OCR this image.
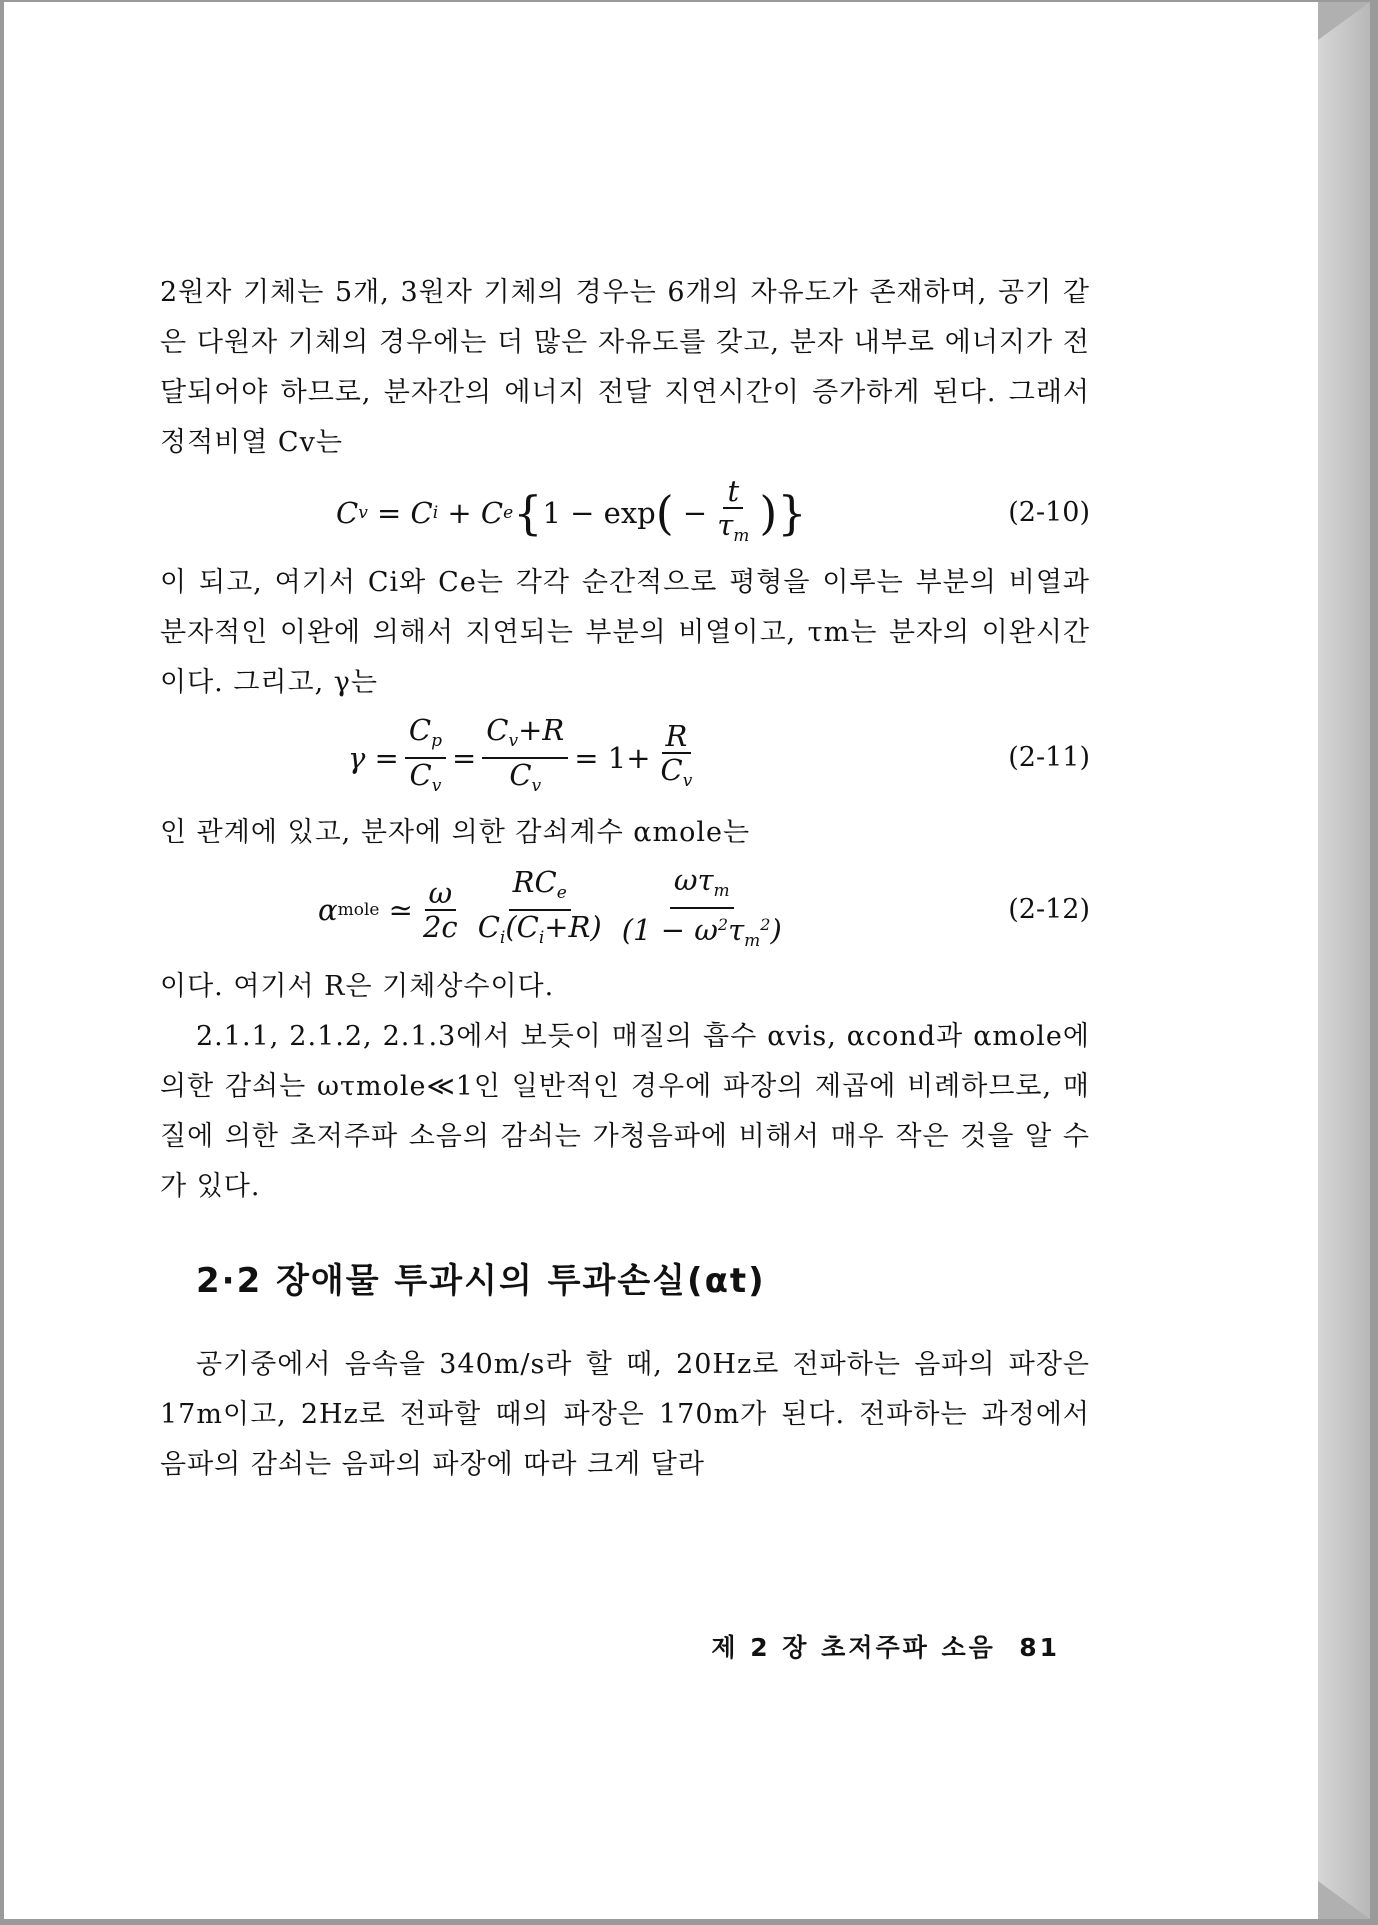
2원자 기체는 5개, 3원자 기체의 경우는 6개의 자유도가 존재하며, 공기 같은 다원자 기체의 경우에는 더 많은 자유도를 갖고, 분자 내부로 에너지가 전달되어야 하므로, 분자간의 에너지 전달 지연시간이 증가하게 된다. 그래서 정적비열 Cv는

C v = C i + C e { 1 − exp ( − $\frac{t}{\tau_m}$ )}	(2-10)

이 되고, 여기서 Ci와 Ce는 각각 순간적으로 평형을 이루는 부분의 비열과 분자적인 이완에 의해서 지연되는 부분의 비열이고, τm는 분자의 이완시간이다. 그리고, γ는

$\gamma = \frac{C_p}{C_v} = \frac{C_v+R}{C_v} = 1 + \frac{R}{C_v}$	(2-11)

인 관계에 있고, 분자에 의한 감쇠계수 αmole는

α mole ≃ $\frac{\omega}{2c} \frac{RC_e}{C_i(C_i+R)} \frac{\omega\tau_m}{(1 - \omega^2\tau_m^2)}$	(2-12)

이다. 여기서 R은 기체상수이다.

2.1.1, 2.1.2, 2.1.3에서 보듯이 매질의 흡수 αvis, αcond과 αmole에 의한 감쇠는 ωτmole≪1인 일반적인 경우에 파장의 제곱에 비례하므로, 매질에 의한 초저주파 소음의 감쇠는 가청음파에 비해서 매우 작은 것을 알 수가 있다.

2·2 장애물 투과시의 투과손실(αt)

공기중에서 음속을 340m/s라 할 때, 20Hz로 전파하는 음파의 파장은 17m이고, 2Hz로 전파할 때의 파장은 170m가 된다. 전파하는 과정에서 음파의 감쇠는 음파의 파장에 따라 크게 달라

제 2 장 초저주파 소음 81
